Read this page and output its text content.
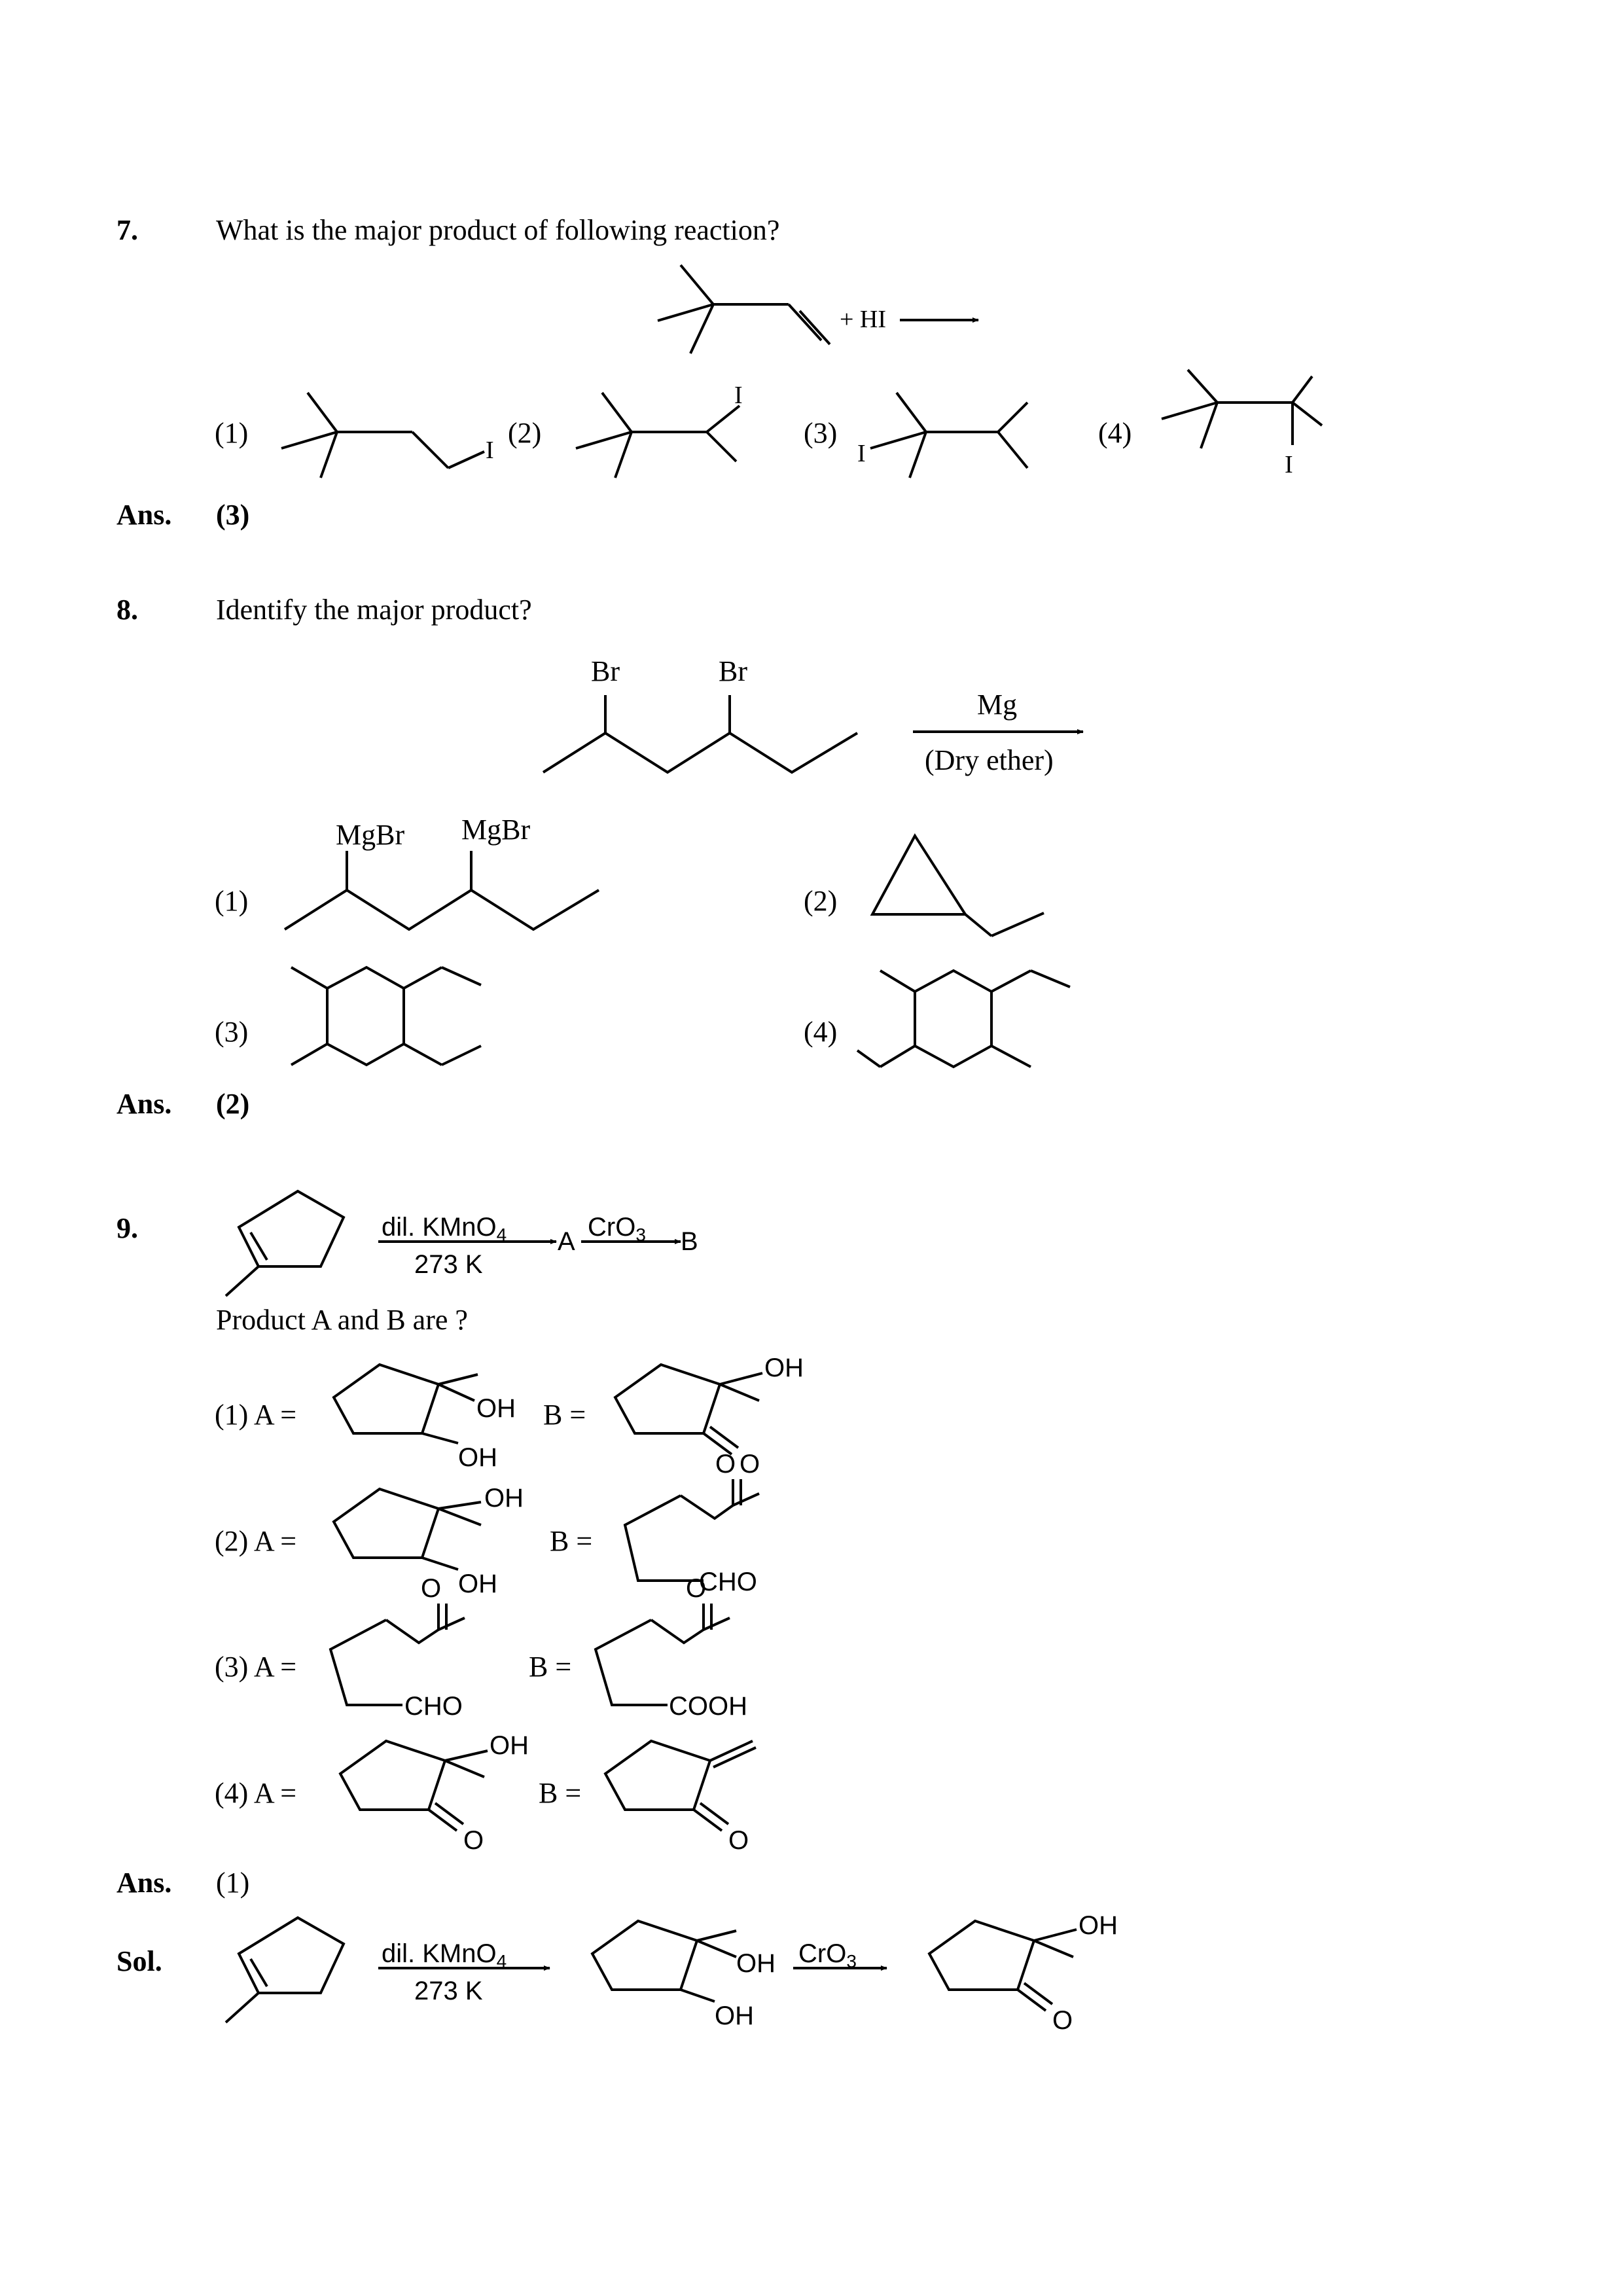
7.	What is the major product of following reaction?
+ HI
(1)	(2)	(3)	(4)
Ans. (3)
8.	Identify the major product?
Mg
(Dry ether)
(1)	(2)
(3)	(4)
Ans. (2)
9.
Product A and B are ?
(1) A =	B =
(2) A =	B =
(3) A =	B =
(4) A =	B =
Ans. (1)
Sol.
I
I
I	I
Br	Br
MgBr MgBr
dil. KMnO$_4$
273 K
A CrO$_3$ B
OH
OH
OH
O
OH
OH
O
CHO
O
CHO
O
COOH
OH
O	O
dil. KMnO$_4$
273 K
OH
OH
CrO$_3$
OH
O
